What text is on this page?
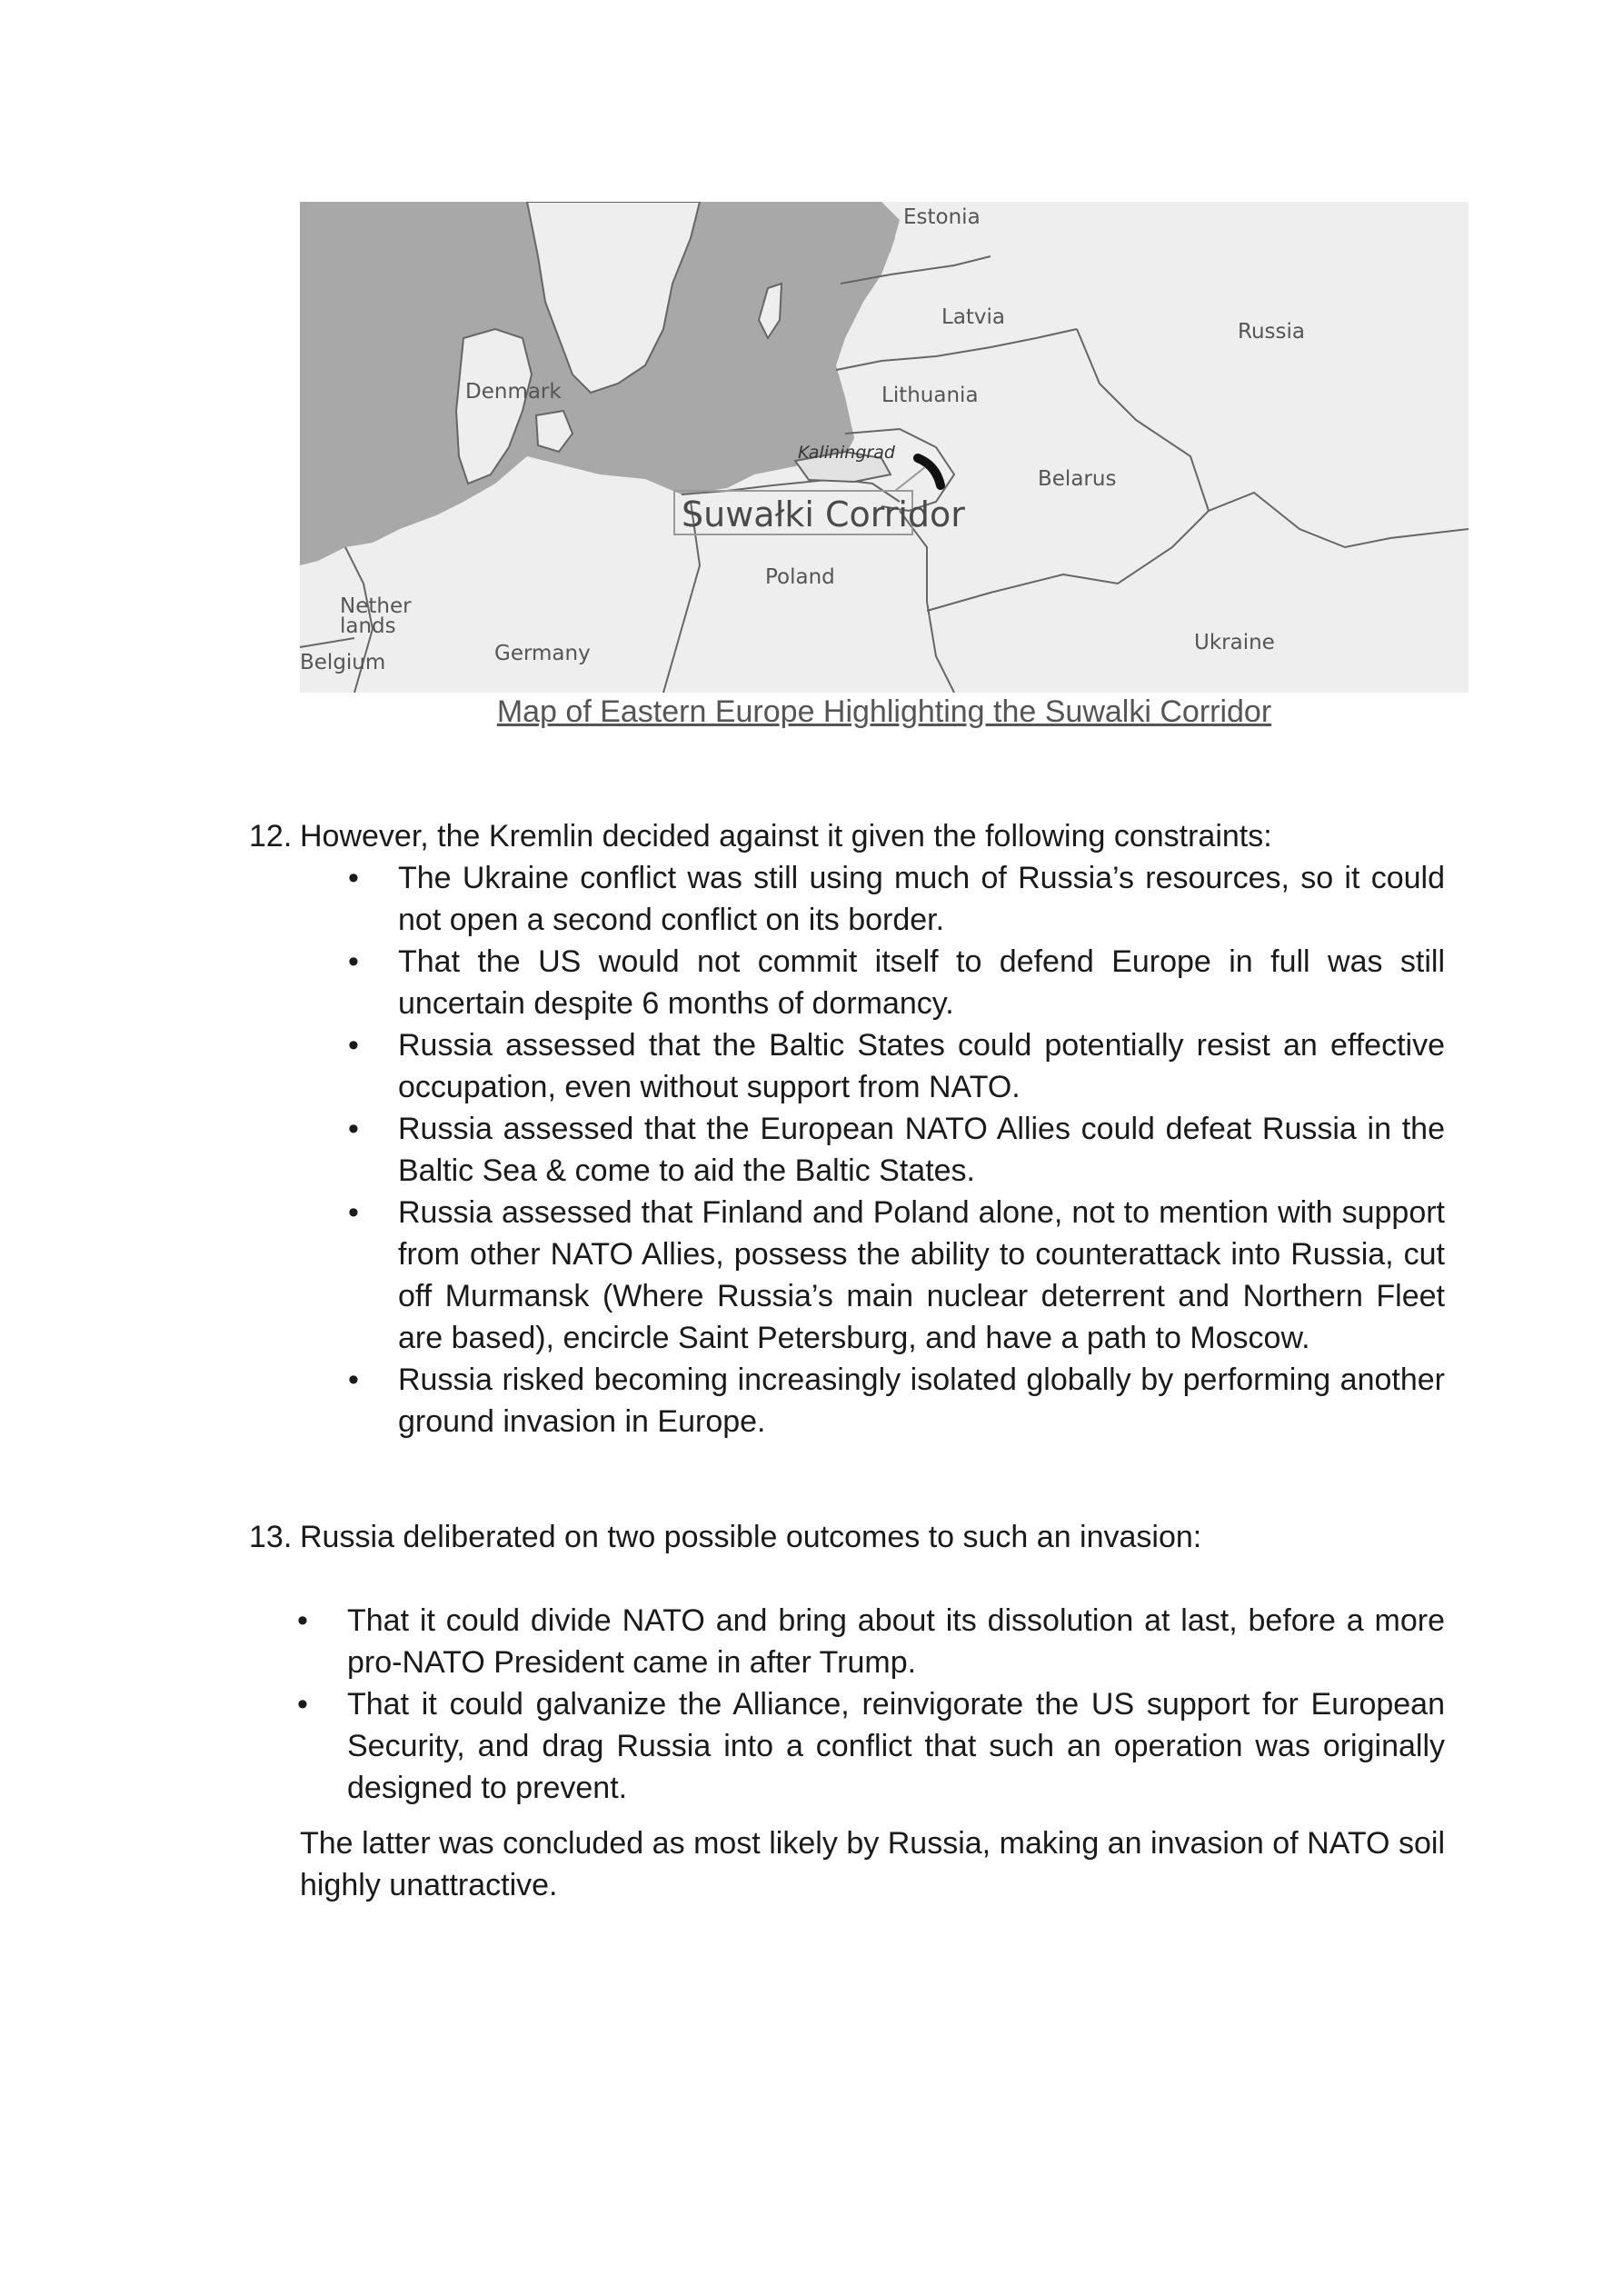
Estonia
Latvia
Russia
Lithuania
Denmark
Kaliningrad
Belarus
Suwałki Corridor
Poland
Nether
lands
Belgium	Germany	Ukraine
Map of Eastern Europe Highlighting the Suwalki Corridor
12. However, the Kremlin decided against it given the following constraints:
• The Ukraine conflict was still using much of Russia’s resources, so it could not open a second conflict on its border.
• That the US would not commit itself to defend Europe in full was still uncertain despite 6 months of dormancy.
• Russia assessed that the Baltic States could potentially resist an effective occupation, even without support from NATO.
• Russia assessed that the European NATO Allies could defeat Russia in the Baltic Sea & come to aid the Baltic States.
• Russia assessed that Finland and Poland alone, not to mention with support from other NATO Allies, possess the ability to counterattack into Russia, cut off Murmansk (Where Russia’s main nuclear deterrent and Northern Fleet are based), encircle Saint Petersburg, and have a path to Moscow.
• Russia risked becoming increasingly isolated globally by performing another ground invasion in Europe.
13. Russia deliberated on two possible outcomes to such an invasion:
• That it could divide NATO and bring about its dissolution at last, before a more pro-NATO President came in after Trump.
• That it could galvanize the Alliance, reinvigorate the US support for European Security, and drag Russia into a conflict that such an operation was originally designed to prevent.
The latter was concluded as most likely by Russia, making an invasion of NATO soil highly unattractive.
